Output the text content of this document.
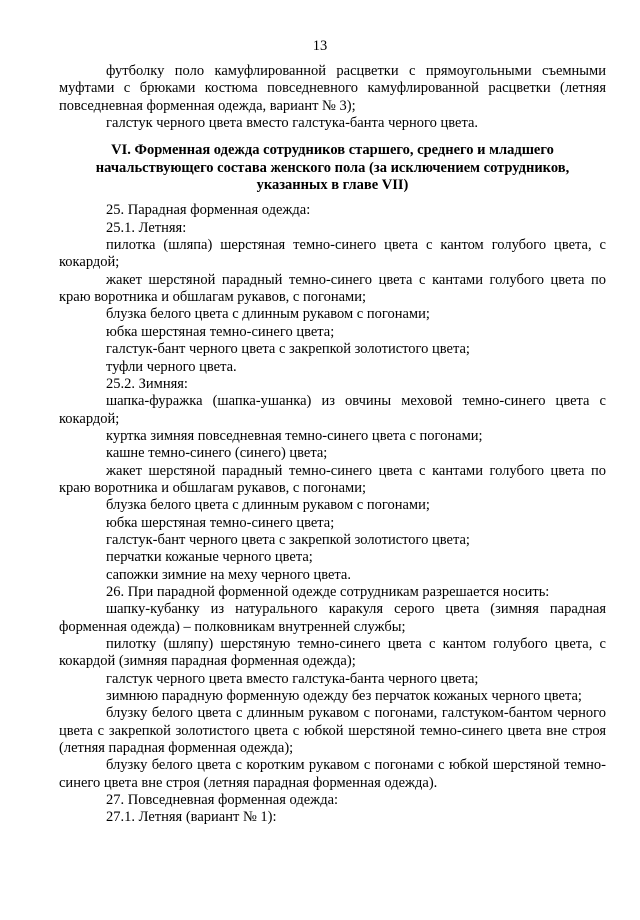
13

футболку поло камуфлированной расцветки с прямоугольными съемными муфтами с брюками костюма повседневного камуфлированной расцветки (летняя повседневная форменная одежда, вариант № 3);

галстук черного цвета вместо галстука-банта черного цвета.

VI. Форменная одежда сотрудников старшего, среднего и младшего
начальствующего состава женского пола (за исключением сотрудников,
указанных в главе VII)

25. Парадная форменная одежда:

25.1. Летняя:

пилотка (шляпа) шерстяная темно-синего цвета с кантом голубого цвета, с кокардой;

жакет шерстяной парадный темно-синего цвета с кантами голубого цвета по краю воротника и обшлагам рукавов, с погонами;

блузка белого цвета с длинным рукавом с погонами;

юбка шерстяная темно-синего цвета;

галстук-бант черного цвета с закрепкой золотистого цвета;

туфли черного цвета.

25.2. Зимняя:

шапка-фуражка (шапка-ушанка) из овчины меховой темно-синего цвета с кокардой;

куртка зимняя повседневная темно-синего цвета с погонами;

кашне темно-синего (синего) цвета;

жакет шерстяной парадный темно-синего цвета с кантами голубого цвета по краю воротника и обшлагам рукавов, с погонами;

блузка белого цвета с длинным рукавом с погонами;

юбка шерстяная темно-синего цвета;

галстук-бант черного цвета с закрепкой золотистого цвета;

перчатки кожаные черного цвета;

сапожки зимние на меху черного цвета.

26. При парадной форменной одежде сотрудникам разрешается носить:

шапку-кубанку из натурального каракуля серого цвета (зимняя парадная форменная одежда) – полковникам внутренней службы;

пилотку (шляпу) шерстяную темно-синего цвета с кантом голубого цвета, с кокардой (зимняя парадная форменная одежда);

галстук черного цвета вместо галстука-банта черного цвета;

зимнюю парадную форменную одежду без перчаток кожаных черного цвета;

блузку белого цвета с длинным рукавом с погонами, галстуком-бантом черного цвета с закрепкой золотистого цвета с юбкой шерстяной темно-синего цвета вне строя (летняя парадная форменная одежда);

блузку белого цвета с коротким рукавом с погонами с юбкой шерстяной темно-синего цвета вне строя (летняя парадная форменная одежда).

27. Повседневная форменная одежда:

27.1. Летняя (вариант № 1):
